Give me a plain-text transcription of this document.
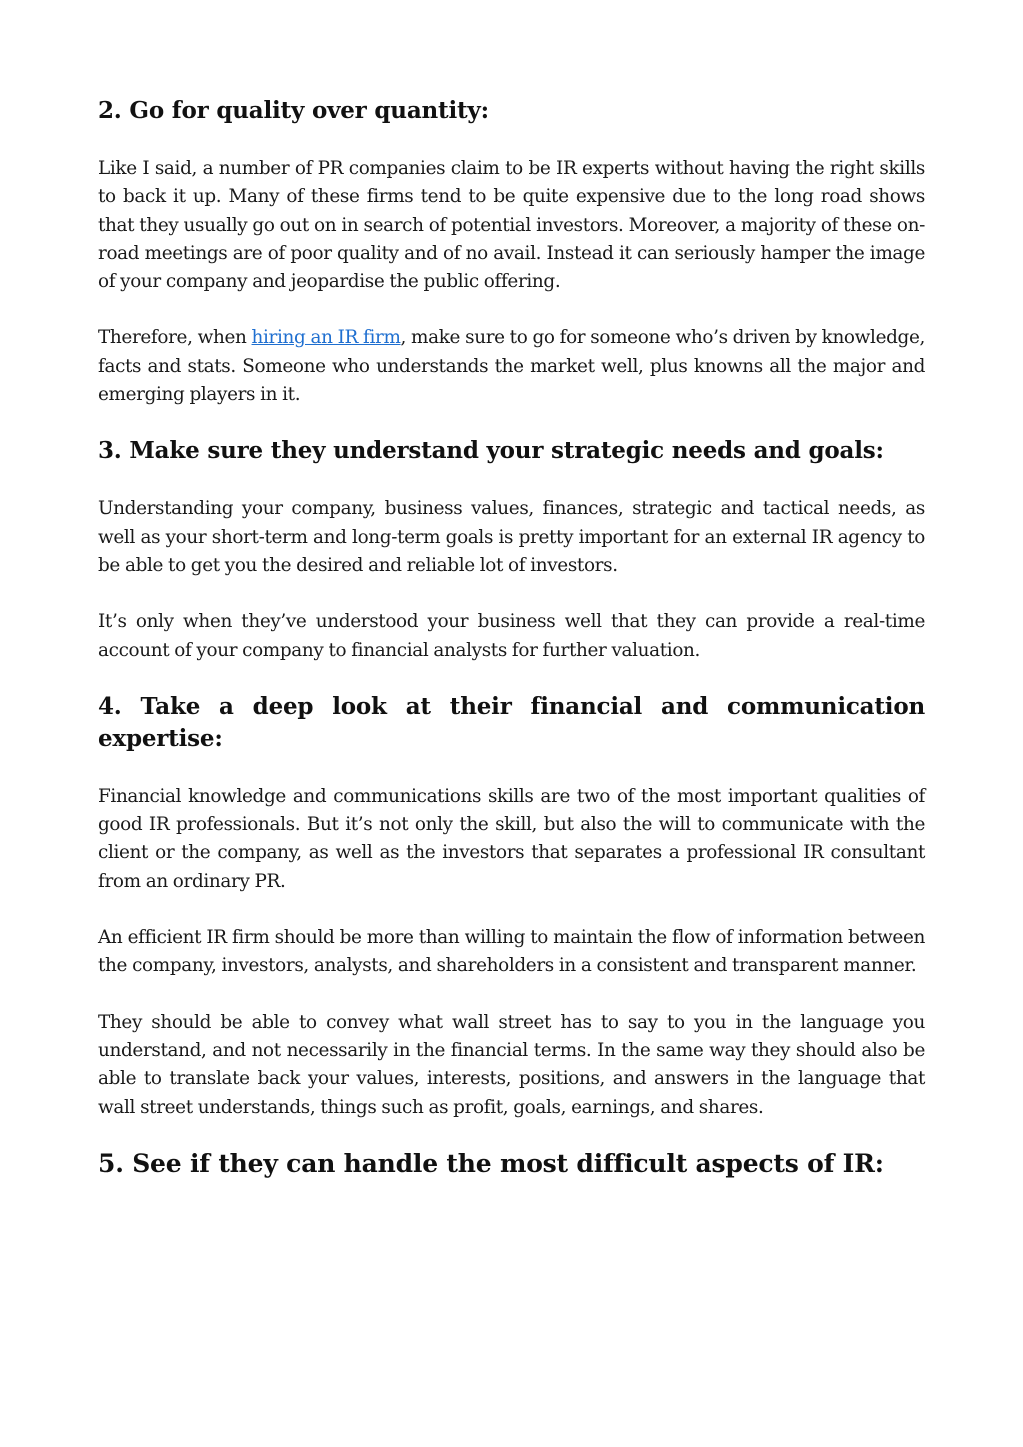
2. Go for quality over quantity:

Like I said, a number of PR companies claim to be IR experts without having the right skills to back it up. Many of these firms tend to be quite expensive due to the long road shows that they usually go out on in search of potential investors. Moreover, a majority of these on-road meetings are of poor quality and of no avail. Instead it can seriously hamper the image of your company and jeopardise the public offering.

Therefore, when hiring an IR firm, make sure to go for someone who’s driven by knowledge, facts and stats. Someone who understands the market well, plus knowns all the major and emerging players in it.

3. Make sure they understand your strategic needs and goals:

Understanding your company, business values, finances, strategic and tactical needs, as well as your short-term and long-term goals is pretty important for an external IR agency to be able to get you the desired and reliable lot of investors.

It’s only when they’ve understood your business well that they can provide a real-time account of your company to financial analysts for further valuation.

4. Take a deep look at their financial and communication expertise:

Financial knowledge and communications skills are two of the most important qualities of good IR professionals. But it’s not only the skill, but also the will to communicate with the client or the company, as well as the investors that separates a professional IR consultant from an ordinary PR.

An efficient IR firm should be more than willing to maintain the flow of information between the company, investors, analysts, and shareholders in a consistent and transparent manner.

They should be able to convey what wall street has to say to you in the language you understand, and not necessarily in the financial terms. In the same way they should also be able to translate back your values, interests, positions, and answers in the language that wall street understands, things such as profit, goals, earnings, and shares.

5. See if they can handle the most difficult aspects of IR:
